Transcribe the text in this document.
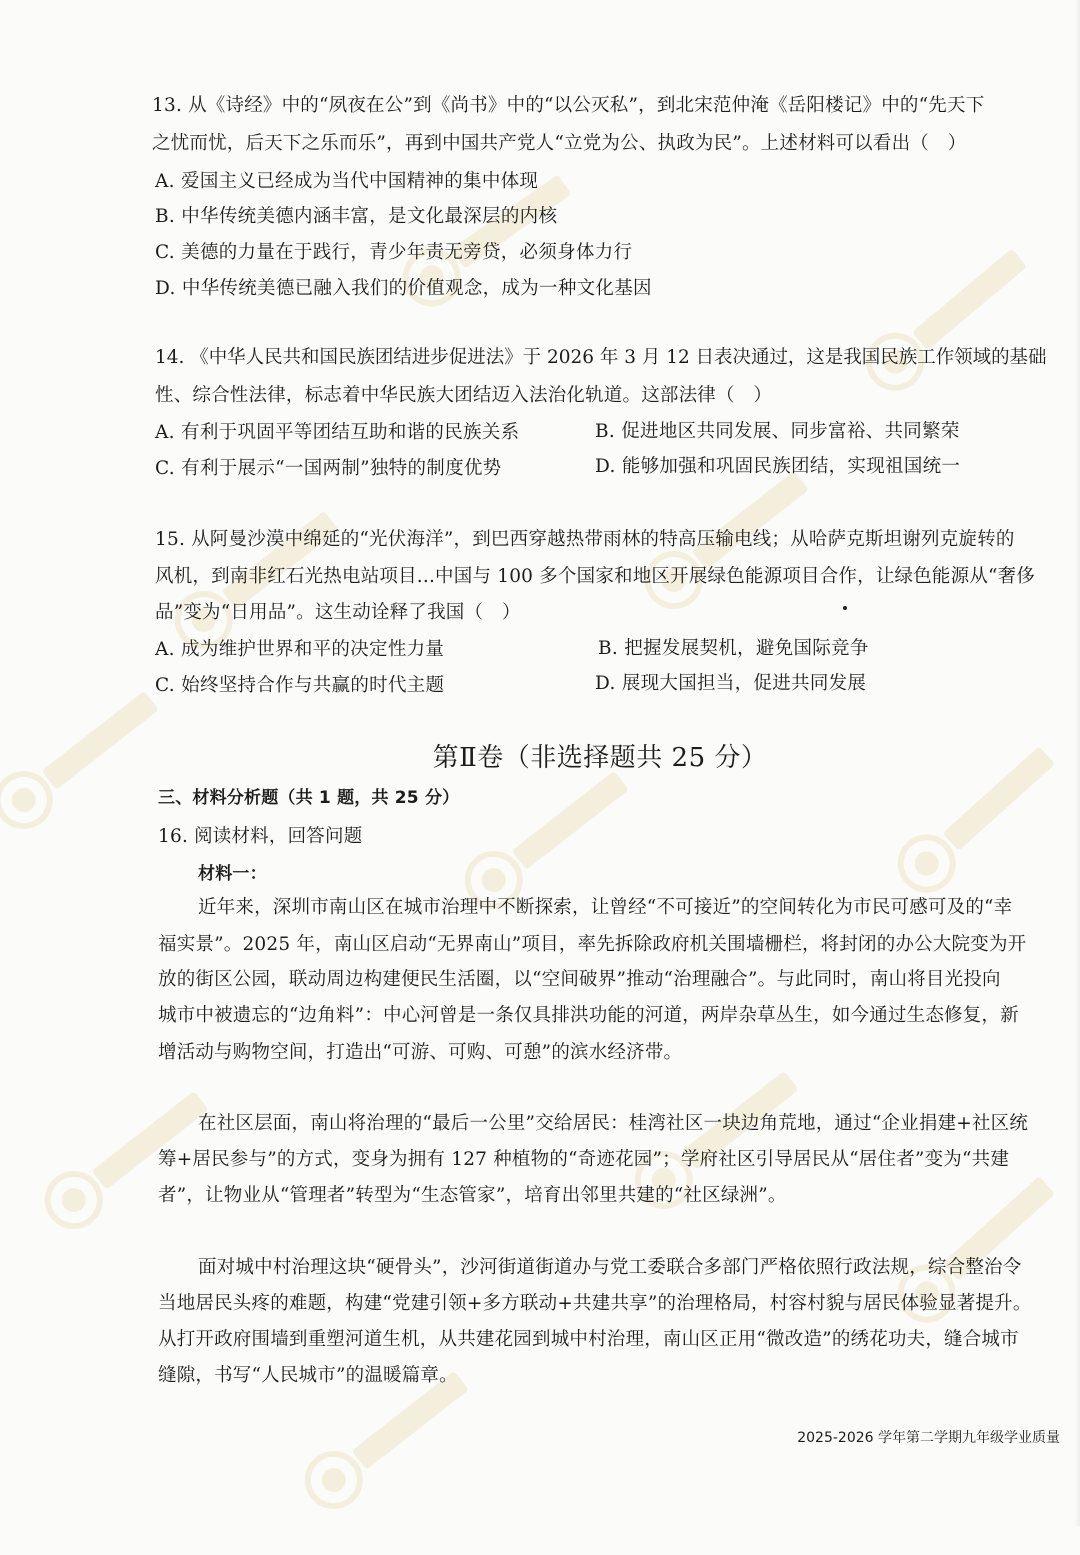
13. 从《诗经》中的“夙夜在公”到《尚书》中的“以公灭私”，到北宋范仲淹《岳阳楼记》中的“先天下
之忧而忧，后天下之乐而乐”，再到中国共产党人“立党为公、执政为民”。上述材料可以看出（　）
A. 爱国主义已经成为当代中国精神的集中体现
B. 中华传统美德内涵丰富，是文化最深层的内核
C. 美德的力量在于践行，青少年责无旁贷，必须身体力行
D. 中华传统美德已融入我们的价值观念，成为一种文化基因
14. 《中华人民共和国民族团结进步促进法》于 2026 年 3 月 12 日表决通过，这是我国民族工作领域的基础
性、综合性法律，标志着中华民族大团结迈入法治化轨道。这部法律（　）
A. 有利于巩固平等团结互助和谐的民族关系	B. 促进地区共同发展、同步富裕、共同繁荣
C. 有利于展示“一国两制”独特的制度优势	D. 能够加强和巩固民族团结，实现祖国统一
15. 从阿曼沙漠中绵延的“光伏海洋”，到巴西穿越热带雨林的特高压输电线；从哈萨克斯坦谢列克旋转的
风机，到南非红石光热电站项目...中国与 100 多个国家和地区开展绿色能源项目合作，让绿色能源从“奢侈
品”变为“日用品”。这生动诠释了我国（　）
A. 成为维护世界和平的决定性力量	B. 把握发展契机，避免国际竞争
C. 始终坚持合作与共赢的时代主题	D. 展现大国担当，促进共同发展
第Ⅱ卷（非选择题共 25 分）
三、材料分析题（共 1 题，共 25 分）
16. 阅读材料，回答问题
材料一：
近年来，深圳市南山区在城市治理中不断探索，让曾经“不可接近”的空间转化为市民可感可及的“幸
福实景”。2025 年，南山区启动“无界南山”项目，率先拆除政府机关围墙栅栏，将封闭的办公大院变为开
放的街区公园，联动周边构建便民生活圈，以“空间破界”推动“治理融合”。与此同时，南山将目光投向
城市中被遗忘的“边角料”：中心河曾是一条仅具排洪功能的河道，两岸杂草丛生，如今通过生态修复，新
增活动与购物空间，打造出“可游、可购、可憩”的滨水经济带。
在社区层面，南山将治理的“最后一公里”交给居民：桂湾社区一块边角荒地，通过“企业捐建+社区统
筹+居民参与”的方式，变身为拥有 127 种植物的“奇迹花园”；学府社区引导居民从“居住者”变为“共建
者”，让物业从“管理者”转型为“生态管家”，培育出邻里共建的“社区绿洲”。
面对城中村治理这块“硬骨头”，沙河街道街道办与党工委联合多部门严格依照行政法规，综合整治令
当地居民头疼的难题，构建“党建引领+多方联动+共建共享”的治理格局，村容村貌与居民体验显著提升。
从打开政府围墙到重塑河道生机，从共建花园到城中村治理，南山区正用“微改造”的绣花功夫，缝合城市
缝隙，书写“人民城市”的温暖篇章。
2025-2026 学年第二学期九年级学业质量
